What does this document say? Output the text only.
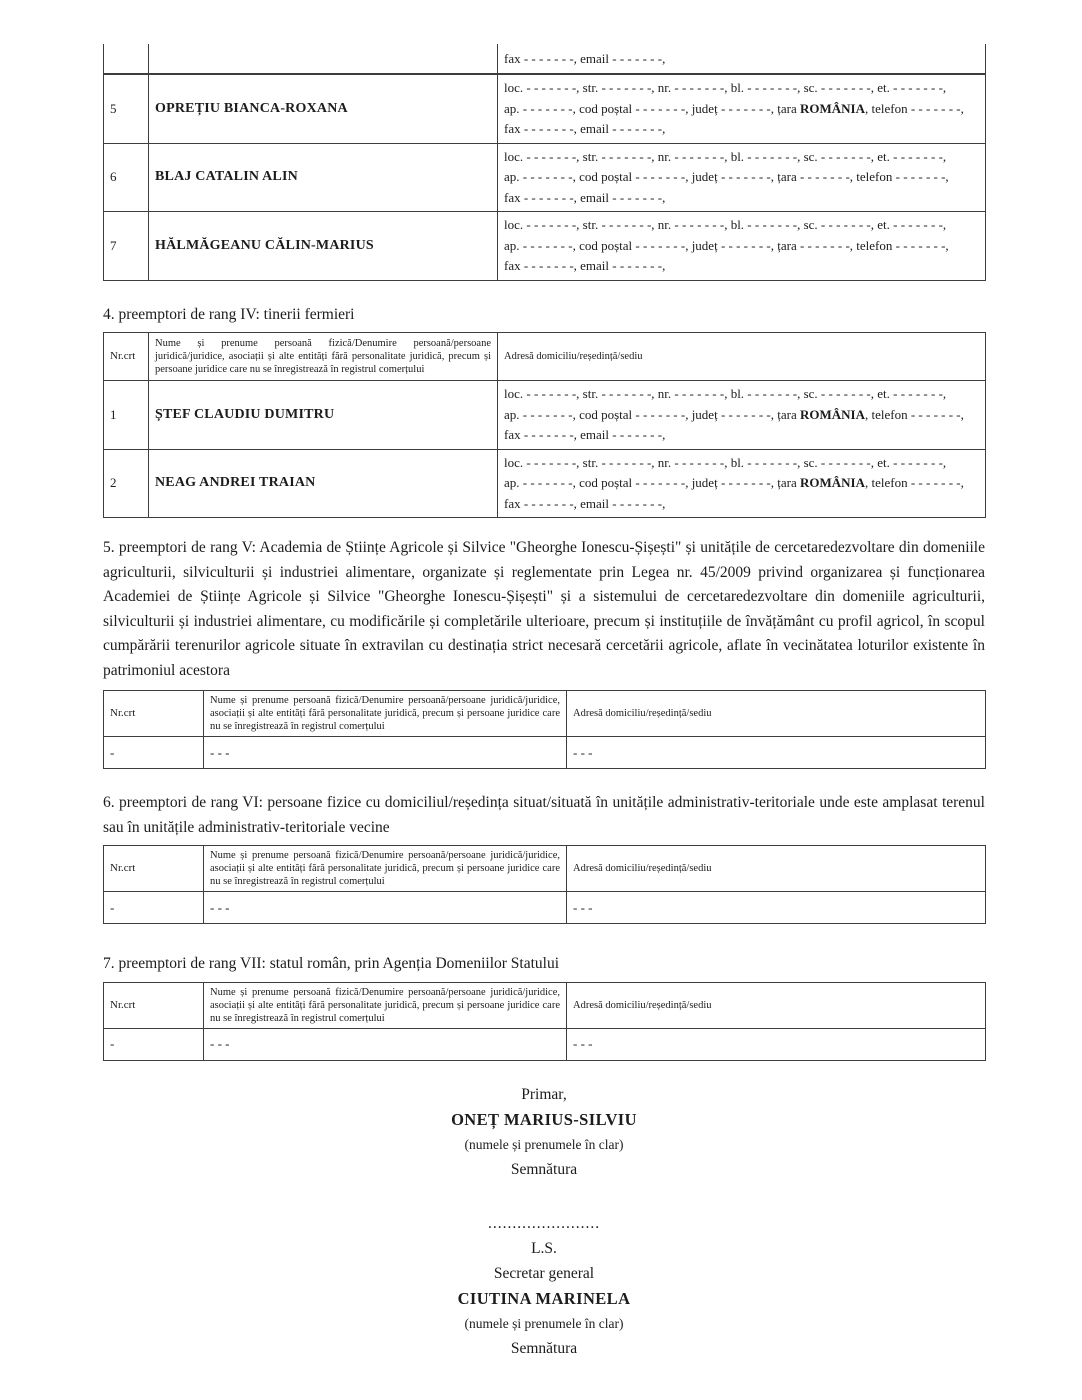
		fax - - - - - - -, email - - - - - - -,

5	OPREȚIU BIANCA-ROXANA	loc. - - - - - - -, str. - - - - - - -, nr. - - - - - - -, bl. - - - - - - -, sc. - - - - - - -, et. - - - - - - -,
ap. - - - - - - -, cod poștal - - - - - - -, județ - - - - - - -, țara ROMÂNIA, telefon - - - - - - -,
fax - - - - - - -, email - - - - - - -,

6	BLAJ CATALIN ALIN	loc. - - - - - - -, str. - - - - - - -, nr. - - - - - - -, bl. - - - - - - -, sc. - - - - - - -, et. - - - - - - -,
ap. - - - - - - -, cod poștal - - - - - - -, județ - - - - - - -, țara - - - - - - -, telefon - - - - - - -,
fax - - - - - - -, email - - - - - - -,

7	HĂLMĂGEANU CĂLIN-MARIUS	loc. - - - - - - -, str. - - - - - - -, nr. - - - - - - -, bl. - - - - - - -, sc. - - - - - - -, et. - - - - - - -,
ap. - - - - - - -, cod poștal - - - - - - -, județ - - - - - - -, țara - - - - - - -, telefon - - - - - - -,
fax - - - - - - -, email - - - - - - -,
4. preemptori de rang IV: tinerii fermieri
Nr.crt	Nume și prenume persoană fizică/Denumire persoană/persoane juridică/juridice, asociații și alte entități fără personalitate juridică, precum și persoane juridice care nu se înregistrează în registrul comerțului	Adresă domiciliu/reședință/sediu
1	ȘTEF CLAUDIU DUMITRU	loc. - - - - - - -, str. - - - - - - -, nr. - - - - - - -, bl. - - - - - - -, sc. - - - - - - -, et. - - - - - - -,
ap. - - - - - - -, cod poștal - - - - - - -, județ - - - - - - -, țara ROMÂNIA, telefon - - - - - - -,
fax - - - - - - -, email - - - - - - -,

2	NEAG ANDREI TRAIAN	loc. - - - - - - -, str. - - - - - - -, nr. - - - - - - -, bl. - - - - - - -, sc. - - - - - - -, et. - - - - - - -,
ap. - - - - - - -, cod poștal - - - - - - -, județ - - - - - - -, țara ROMÂNIA, telefon - - - - - - -,
fax - - - - - - -, email - - - - - - -,
5. preemptori de rang V: Academia de Științe Agricole și Silvice "Gheorghe Ionescu-Șișești" și unitățile de cercetaredezvoltare din domeniile agriculturii, silviculturii și industriei alimentare, organizate și reglementate prin Legea nr. 45/2009 privind organizarea și funcționarea Academiei de Științe Agricole și Silvice "Gheorghe Ionescu-Șișești" și a sistemului de cercetaredezvoltare din domeniile agriculturii, silviculturii și industriei alimentare, cu modificările și completările ulterioare, precum și instituțiile de învățământ cu profil agricol, în scopul cumpărării terenurilor agricole situate în extravilan cu destinația strict necesară cercetării agricole, aflate în vecinătatea loturilor existente în patrimoniul acestora
Nr.crt	Nume și prenume persoană fizică/Denumire persoană/persoane juridică/juridice, asociații și alte entități fără personalitate juridică, precum și persoane juridice care nu se înregistrează în registrul comerțului	Adresă domiciliu/reședință/sediu
-	- - -	- - -
6. preemptori de rang VI: persoane fizice cu domiciliul/reședința situat/situată în unitățile administrativ-teritoriale unde este amplasat terenul sau în unitățile administrativ-teritoriale vecine
Nr.crt	Nume și prenume persoană fizică/Denumire persoană/persoane juridică/juridice, asociații și alte entități fără personalitate juridică, precum și persoane juridice care nu se înregistrează în registrul comerțului	Adresă domiciliu/reședință/sediu
-	- - -	- - -
7. preemptori de rang VII: statul român, prin Agenția Domeniilor Statului
Nr.crt	Nume și prenume persoană fizică/Denumire persoană/persoane juridică/juridice, asociații și alte entități fără personalitate juridică, precum și persoane juridice care nu se înregistrează în registrul comerțului	Adresă domiciliu/reședință/sediu
-	- - -	- - -
Primar,
ONEȚ MARIUS-SILVIU
(numele și prenumele în clar)
Semnătura
.......................
L.S.
Secretar general
CIUTINA MARINELA
(numele și prenumele în clar)
Semnătura
